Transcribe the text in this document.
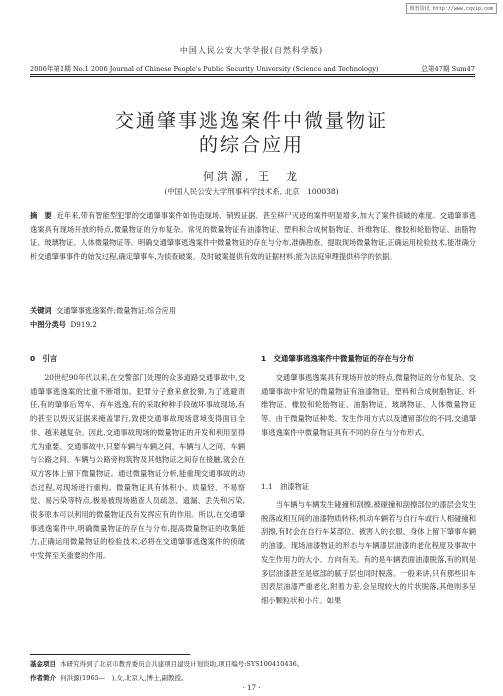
维普资讯 http://www.cqvip.com
中国人民公安大学学报(自然科学版)
2006年第1期 No.1 2006 Journal of Chinese People's Public Security University (Science and Technology)	总第47期 Sum47
交通肇事逃逸案件中微量物证
的综合应用
何洪源, 王　龙
(中国人民公安大学刑事科学技术系, 北京　100038)
摘　要 近年来,带有智能型犯罪的交通肇事案件如伪造现场、销毁证据、甚至移尸灭迹的案件明显增多,加大了案件侦破的难度。交通肇事逃逸案具有现场开放的特点,微量物证的分布复杂。常见的微量物证有油漆物证、塑料和合成树脂物证、纤维物证、橡胶和轮胎物证、油脂物证、玻璃物证、人体微量物证等。明确交通肇事逃逸案件中微量物证的存在与分布,准确勘查、提取现场微量物证,正确运用检验技术,能准确分析交通肇事事件的始发过程,确定肇事车,为侦查破案、及时破案提供有效的证据材料;能为法庭审理提供科学的依据。
关键词 交通肇事逃逸案件;微量物证;综合应用
中图分类号 D919.2
0　引言

20世纪90年代以来,在交警部门处理的众多道路交通事故中,交通肇事逃逸案的比重不断增加。犯罪分子愈来愈狡猾,为了逃避责任,有的肇事后驾车、弃车逃逸,有的采取种种手段破坏事故现场,有的甚至以毁灭证据来掩盖罪行,致使交通事故现场意境变得面目全非、越来越复杂。因此,交通事故现场的微量物证的开发和利用显得尤为重要。交通事故中,只要车辆与车辆之间、车辆与人之间、车辆与公路之间、车辆与公路旁构筑物及其他物证之间存在接触,就会在双方客体上留下微量物证。通过微量物证分析,能重现交通事故的动态过程,对现场进行重构。微量物证具有体积小、质量轻、不易察觉、易污染等特点,极易被现场勘查人员疏忽、遗漏、丢失和污染,很多原本可以利用的微量物证没有发挥应有的作用。所以,在交通肇事逃逸案件中,明确微量物证的存在与分布,提高微量物证的收集能力,正确运用微量物证的检验技术,必将在交通肇事逃逸案件的侦破中发挥至关重要的作用。

1　交通肇事逃逸案件中微量物证的存在与分布

交通肇事逃逸案具有现场开放的特点,微量物证的分布复杂。交通肇事故中常见的微量物证有油漆物证、塑料和合成树脂物证、纤维物证、橡胶和轮胎物证、油脂物证、玻璃物证、人体微量物证等。由于微量物证种类、发生作用方式以及遭留部位的不同,交通肇事逃逸案件中微量物证具有不同的存在与分布形式。

1.1　油漆物证

当车辆与车辆发生碰撞和刮擦,被碰撞和刮擦部位的漆层会发生脱落或相互间的油漆物质转移;机动车辆若与自行车或行人相碰撞和刮擦,有时会在自行车某部位、被害人的衣服、身体上留下肇事车辆的油漆。现场油漆物证的形态与车辆漆层油漆的老化程度及事故中发生作用力的大小、方向有关。有的是车辆表面油漆脱落,有的则是多层油漆甚至是底部的腻子层也同时脱落。一般来讲,只有那些旧车因表层油漆严重老化,附着力差,会呈现较大的片状脱落,其他则多呈细小颗粒状和小片。如果

基金项目 本研究得到了北京市教育委员会共建项目建设计划资助,项目编号:SYS100410436。
作者简介 何洪源(1965—　),女,北京人,博士,副教授。
· 17 ·
